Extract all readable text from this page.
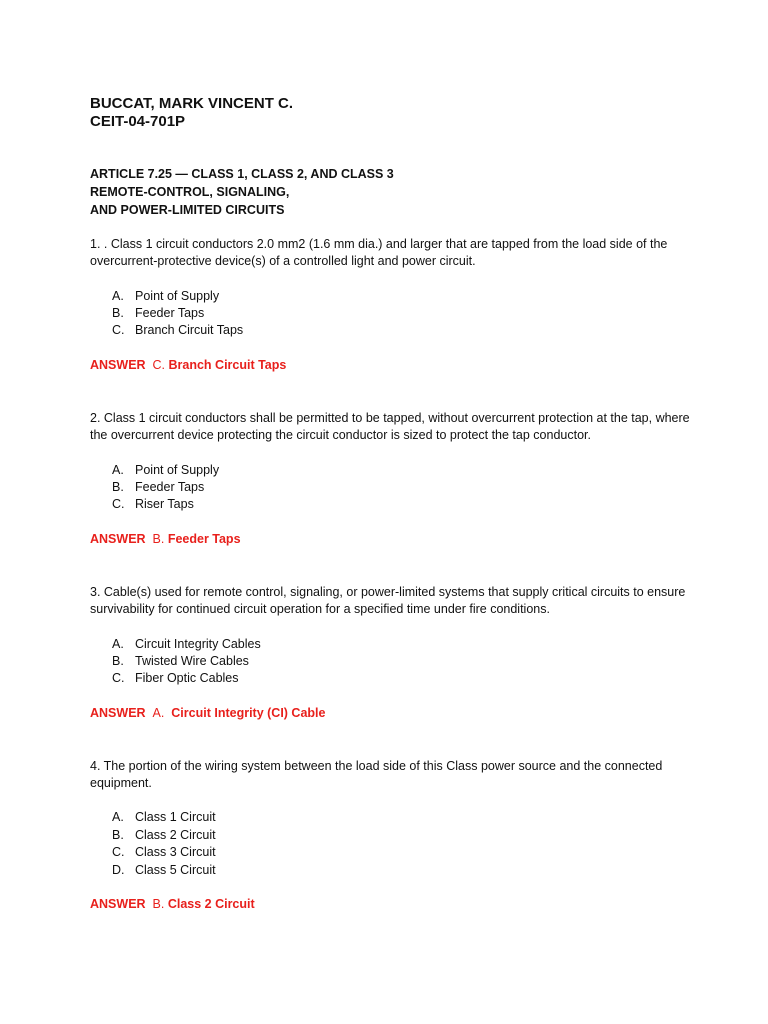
BUCCAT, MARK VINCENT C.
CEIT-04-701P
ARTICLE 7.25 — CLASS 1, CLASS 2, AND CLASS 3
REMOTE-CONTROL, SIGNALING,
AND POWER-LIMITED CIRCUITS
1. . Class 1 circuit conductors 2.0 mm2 (1.6 mm dia.) and larger that are tapped from the load side of the overcurrent-protective device(s) of a controlled light and power circuit.
A. Point of Supply
B. Feeder Taps
C. Branch Circuit Taps
ANSWER C. Branch Circuit Taps
2. Class 1 circuit conductors shall be permitted to be tapped, without overcurrent protection at the tap, where the overcurrent device protecting the circuit conductor is sized to protect the tap conductor.
A. Point of Supply
B. Feeder Taps
C. Riser Taps
ANSWER B. Feeder Taps
3. Cable(s) used for remote control, signaling, or power-limited systems that supply critical circuits to ensure survivability for continued circuit operation for a specified time under fire conditions.
A. Circuit Integrity Cables
B. Twisted Wire Cables
C. Fiber Optic Cables
ANSWER A. Circuit Integrity (CI) Cable
4. The portion of the wiring system between the load side of this Class power source and the connected equipment.
A. Class 1 Circuit
B. Class 2 Circuit
C. Class 3 Circuit
D. Class 5 Circuit
ANSWER B. Class 2 Circuit
